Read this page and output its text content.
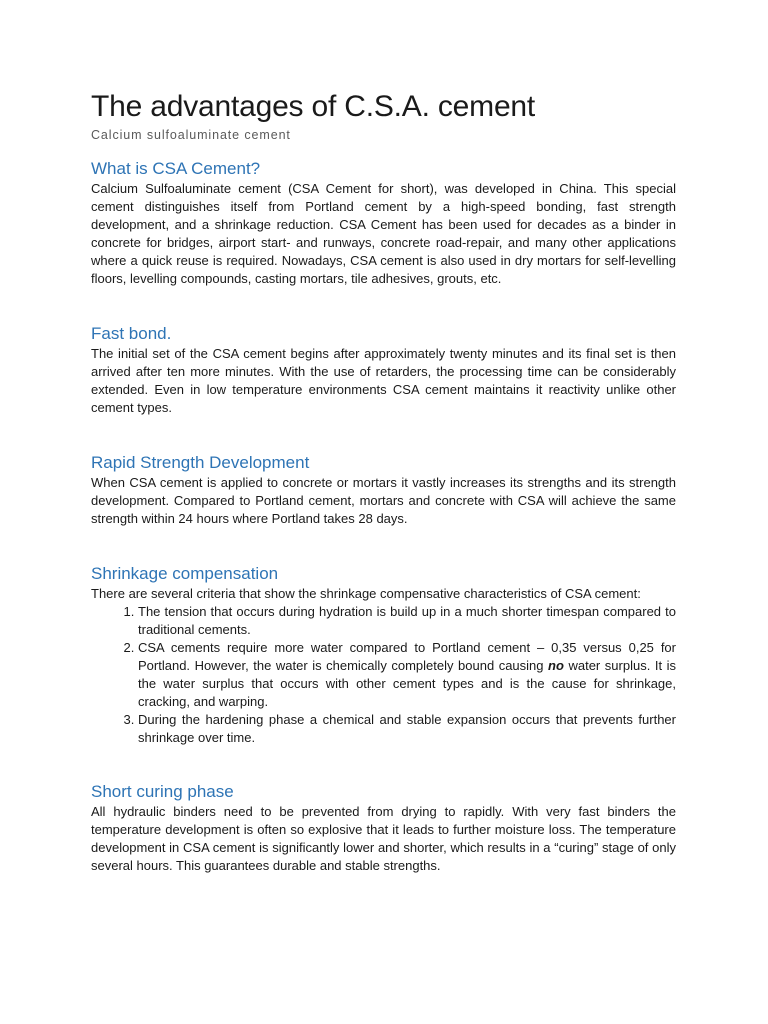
The advantages of C.S.A. cement
Calcium sulfoaluminate cement
What is CSA Cement?

Calcium Sulfoaluminate cement (CSA Cement for short), was developed in China. This special cement distinguishes itself from Portland cement by a high-speed bonding, fast strength development, and a shrinkage reduction. CSA Cement has been used for decades as a binder in concrete for bridges, airport start- and runways, concrete road-repair, and many other applications where a quick reuse is required. Nowadays, CSA cement is also used in dry mortars for self-levelling floors, levelling compounds, casting mortars, tile adhesives, grouts, etc.

Fast bond.

The initial set of the CSA cement begins after approximately twenty minutes and its final set is then arrived after ten more minutes. With the use of retarders, the processing time can be considerably extended. Even in low temperature environments CSA cement maintains it reactivity unlike other cement types.

Rapid Strength Development

When CSA cement is applied to concrete or mortars it vastly increases its strengths and its strength development. Compared to Portland cement, mortars and concrete with CSA will achieve the same strength within 24 hours where Portland takes 28 days.

Shrinkage compensation

There are several criteria that show the shrinkage compensative characteristics of CSA cement:

1. The tension that occurs during hydration is build up in a much shorter timespan compared to traditional cements.
2. CSA cements require more water compared to Portland cement – 0,35 versus 0,25 for Portland. However, the water is chemically completely bound causing no water surplus. It is the water surplus that occurs with other cement types and is the cause for shrinkage, cracking, and warping.
3. During the hardening phase a chemical and stable expansion occurs that prevents further shrinkage over time.
Short curing phase

All hydraulic binders need to be prevented from drying to rapidly. With very fast binders the temperature development is often so explosive that it leads to further moisture loss. The temperature development in CSA cement is significantly lower and shorter, which results in a “curing” stage of only several hours. This guarantees durable and stable strengths.
